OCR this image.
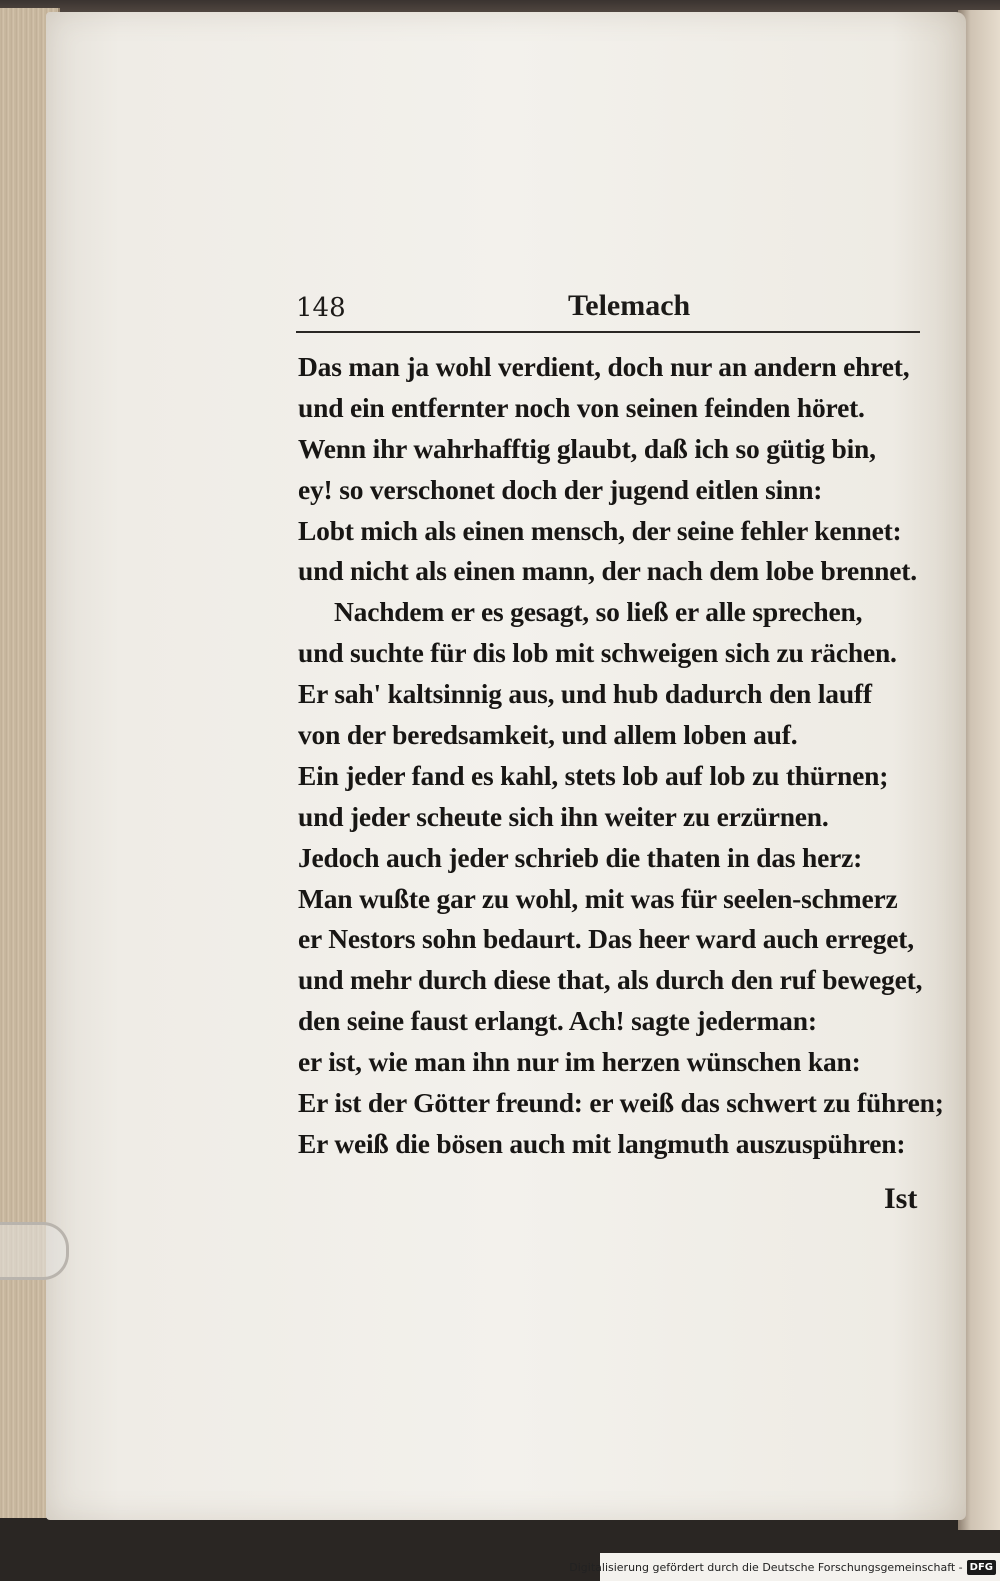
148	Telemach
Das man ja wohl verdient, doch nur an andern ehret,
und ein entfernter noch von seinen feinden höret.
Wenn ihr wahrhafftig glaubt, daß ich so gütig bin,
ey! so verschonet doch der jugend eitlen sinn:
Lobt mich als einen mensch, der seine fehler kennet:
und nicht als einen mann, der nach dem lobe brennet.
Nachdem er es gesagt, so ließ er alle sprechen,
und suchte für dis lob mit schweigen sich zu rächen.
Er sah' kaltsinnig aus, und hub dadurch den lauff
von der beredsamkeit, und allem loben auf.
Ein jeder fand es kahl, stets lob auf lob zu thürnen;
und jeder scheute sich ihn weiter zu erzürnen.
Jedoch auch jeder schrieb die thaten in das herz:
Man wußte gar zu wohl, mit was für seelen-schmerz
er Nestors sohn bedaurt. Das heer ward auch erreget,
und mehr durch diese that, als durch den ruf beweget,
den seine faust erlangt. Ach! sagte jederman:
er ist, wie man ihn nur im herzen wünschen kan:
Er ist der Götter freund: er weiß das schwert zu führen;
Er weiß die bösen auch mit langmuth auszuspühren:
Ist
Digitalisierung gefördert durch die Deutsche Forschungsgemeinschaft - DFG
